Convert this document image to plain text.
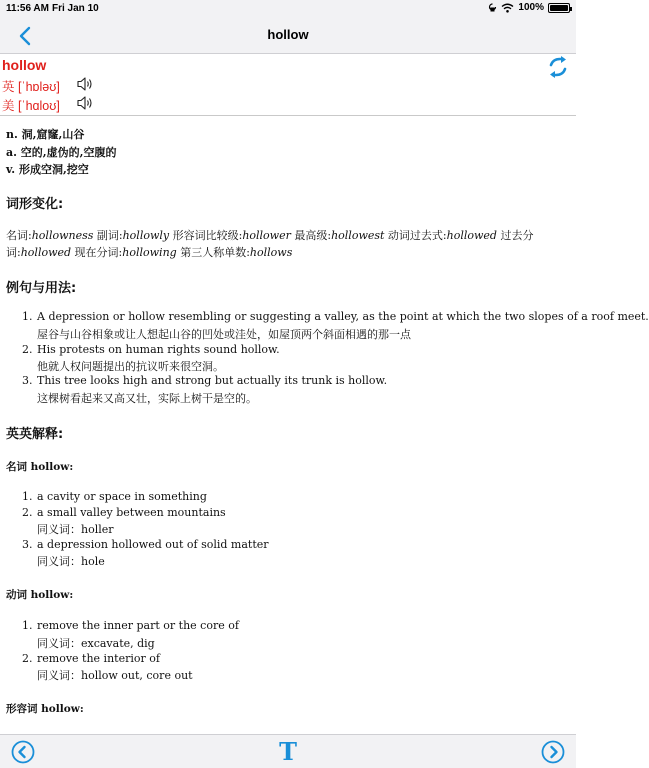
11:56 AM Fri Jan 10	100%
hollow
hollow
英 [ˈhɒləʊ]
美 [ˈhɑloʊ]
n. 洞,窟窿,山谷
a. 空的,虚伪的,空腹的
v. 形成空洞,挖空
词形变化:
名词:hollowness 副词:hollowly 形容词比较级:hollower 最高级:hollowest 动词过去式:hollowed 过去分
词:hollowed 现在分词:hollowing 第三人称单数:hollows
例句与用法:
1. A depression or hollow resembling or suggesting a valley, as the point at which the two slopes of a roof meet.
屋谷与山谷相象或让人想起山谷的凹处或洼处，如屋顶两个斜面相遇的那一点
2. His protests on human rights sound hollow.
他就人权问题提出的抗议听来很空洞。
3. This tree looks high and strong but actually its trunk is hollow.
这棵树看起来又高又壮，实际上树干是空的。
英英解释:
名词 hollow:
1. a cavity or space in something
2. a small valley between mountains
同义词：holler
3. a depression hollowed out of solid matter
同义词：hole
动词 hollow:
1. remove the inner part or the core of
同义词：excavate, dig
2. remove the interior of
同义词：hollow out, core out
形容词 hollow:
T
